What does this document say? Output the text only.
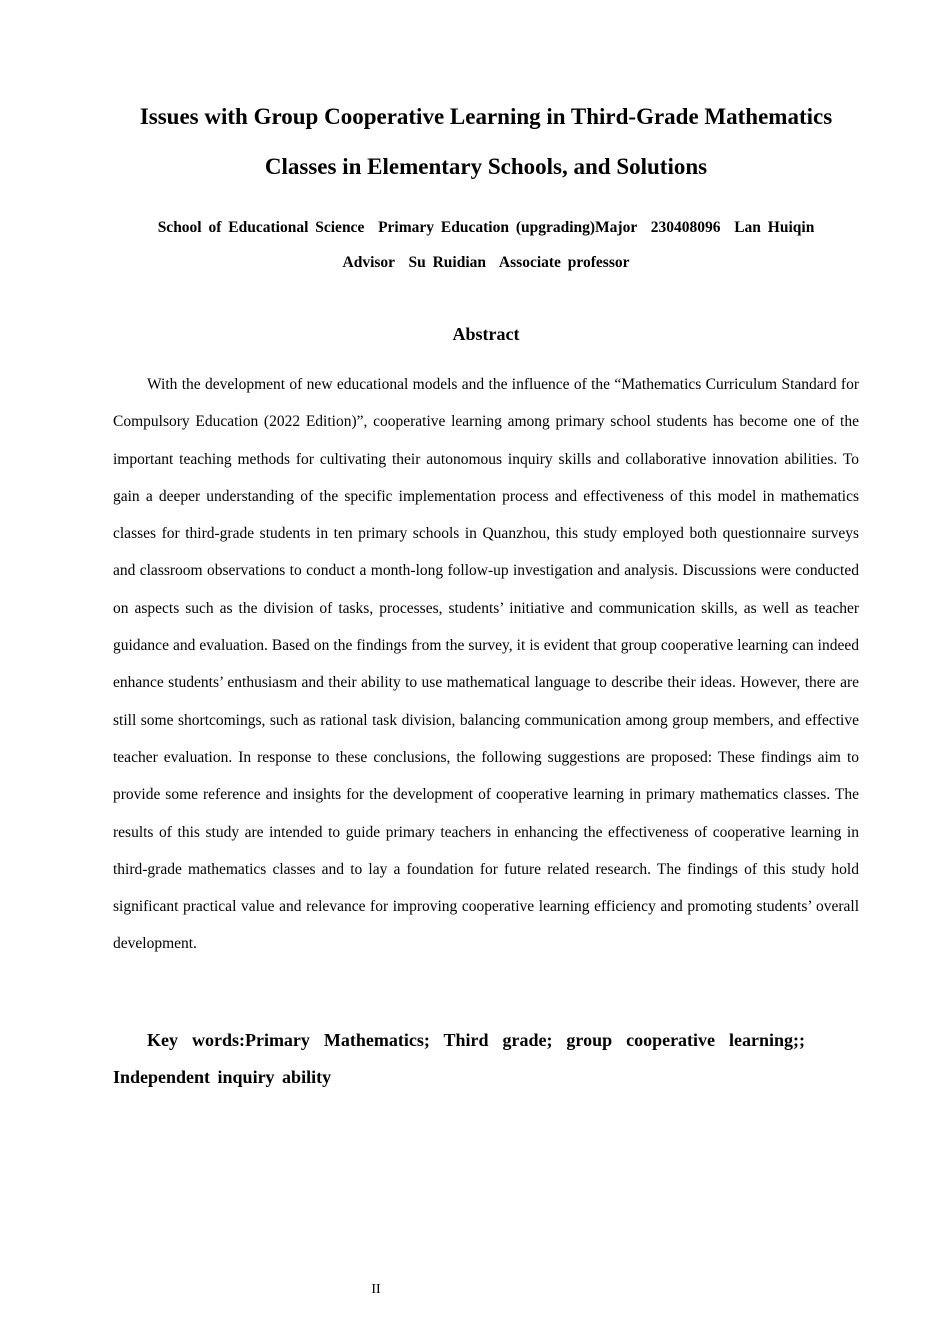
Issues with Group Cooperative Learning in Third-Grade Mathematics
Classes in Elementary Schools, and Solutions
School of Educational Science  Primary Education (upgrading)Major  230408096  Lan Huiqin
Advisor  Su Ruidian  Associate professor
Abstract

With the development of new educational models and the influence of the “Mathematics Curriculum Standard for Compulsory Education (2022 Edition)”, cooperative learning among primary school students has become one of the important teaching methods for cultivating their autonomous inquiry skills and collaborative innovation abilities. To gain a deeper understanding of the specific implementation process and effectiveness of this model in mathematics classes for third-grade students in ten primary schools in Quanzhou, this study employed both questionnaire surveys and classroom observations to conduct a month-long follow-up investigation and analysis. Discussions were conducted on aspects such as the division of tasks, processes, students’ initiative and communication skills, as well as teacher guidance and evaluation. Based on the findings from the survey, it is evident that group cooperative learning can indeed enhance students’ enthusiasm and their ability to use mathematical language to describe their ideas. However, there are still some shortcomings, such as rational task division, balancing communication among group members, and effective teacher evaluation. In response to these conclusions, the following suggestions are proposed: These findings aim to provide some reference and insights for the development of cooperative learning in primary mathematics classes. The results of this study are intended to guide primary teachers in enhancing the effectiveness of cooperative learning in third-grade mathematics classes and to lay a foundation for future related research. The findings of this study hold significant practical value and relevance for improving cooperative learning efficiency and promoting students’ overall development.

Key words:Primary Mathematics; Third grade; group cooperative learning;; Independent inquiry ability

II
